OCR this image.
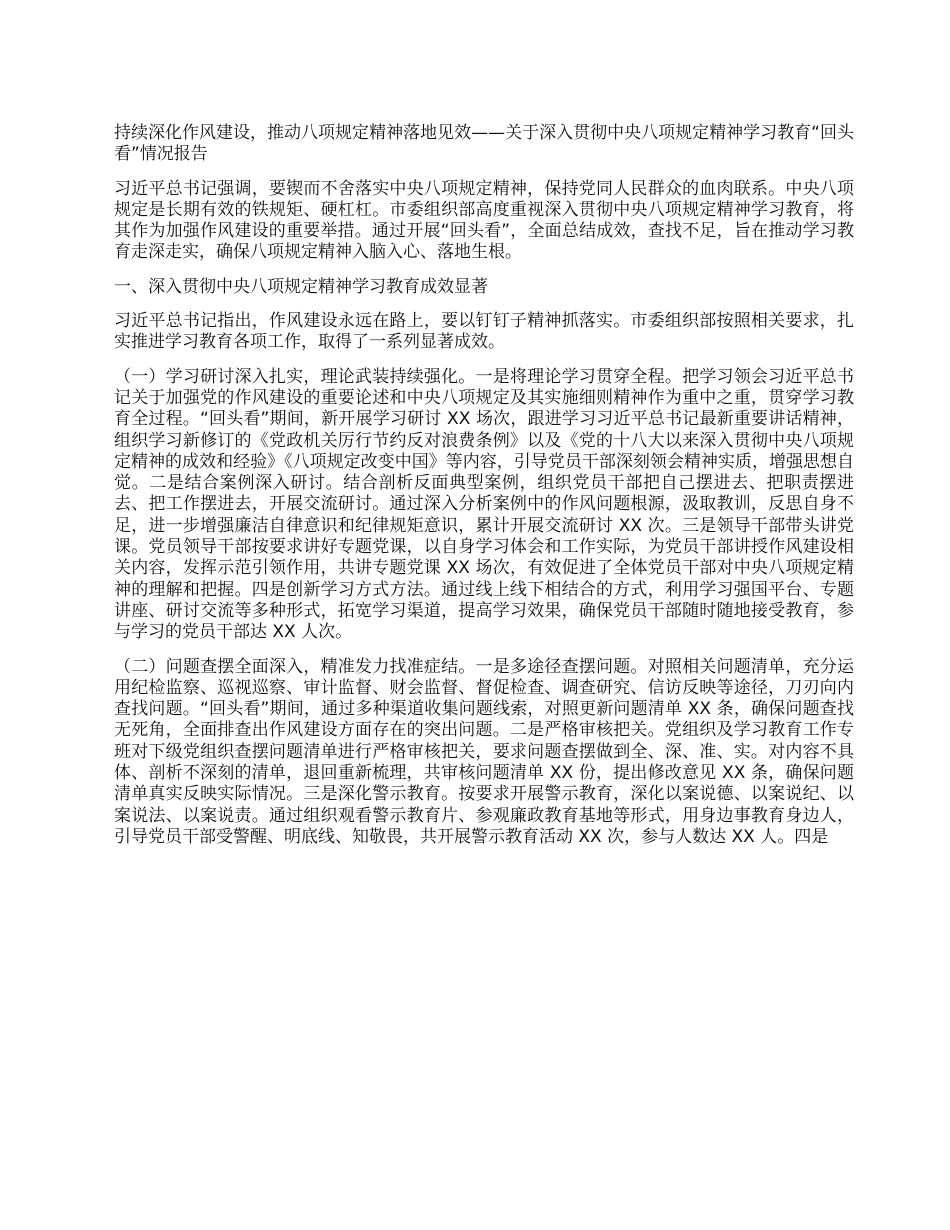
持续深化作风建设，推动八项规定精神落地见效——关于深入贯彻中央八项规定精神学习教育“回头看”情况报告

习近平总书记强调，要锲而不舍落实中央八项规定精神，保持党同人民群众的血肉联系。中央八项规定是长期有效的铁规矩、硬杠杠。市委组织部高度重视深入贯彻中央八项规定精神学习教育，将其作为加强作风建设的重要举措。通过开展“回头看”，全面总结成效，查找不足，旨在推动学习教育走深走实，确保八项规定精神入脑入心、落地生根。

一、深入贯彻中央八项规定精神学习教育成效显著

习近平总书记指出，作风建设永远在路上，要以钉钉子精神抓落实。市委组织部按照相关要求，扎实推进学习教育各项工作，取得了一系列显著成效。

（一）学习研讨深入扎实，理论武装持续强化。一是将理论学习贯穿全程。把学习领会习近平总书记关于加强党的作风建设的重要论述和中央八项规定及其实施细则精神作为重中之重，贯穿学习教育全过程。“回头看”期间，新开展学习研讨 XX 场次，跟进学习习近平总书记最新重要讲话精神，组织学习新修订的《党政机关厉行节约反对浪费条例》以及《党的十八大以来深入贯彻中央八项规定精神的成效和经验》《八项规定改变中国》等内容，引导党员干部深刻领会精神实质，增强思想自觉。二是结合案例深入研讨。结合剖析反面典型案例，组织党员干部把自己摆进去、把职责摆进去、把工作摆进去，开展交流研讨。通过深入分析案例中的作风问题根源，汲取教训，反思自身不足，进一步增强廉洁自律意识和纪律规矩意识，累计开展交流研讨 XX 次。三是领导干部带头讲党课。党员领导干部按要求讲好专题党课，以自身学习体会和工作实际，为党员干部讲授作风建设相关内容，发挥示范引领作用，共讲专题党课 XX 场次，有效促进了全体党员干部对中央八项规定精神的理解和把握。四是创新学习方式方法。通过线上线下相结合的方式，利用学习强国平台、专题讲座、研讨交流等多种形式，拓宽学习渠道，提高学习效果，确保党员干部随时随地接受教育，参与学习的党员干部达 XX 人次。

（二）问题查摆全面深入，精准发力找准症结。一是多途径查摆问题。对照相关问题清单，充分运用纪检监察、巡视巡察、审计监督、财会监督、督促检查、调查研究、信访反映等途径，刀刃向内查找问题。“回头看”期间，通过多种渠道收集问题线索，对照更新问题清单 XX 条，确保问题查找无死角，全面排查出作风建设方面存在的突出问题。二是严格审核把关。党组织及学习教育工作专班对下级党组织查摆问题清单进行严格审核把关，要求问题查摆做到全、深、准、实。对内容不具体、剖析不深刻的清单，退回重新梳理，共审核问题清单 XX 份，提出修改意见 XX 条，确保问题清单真实反映实际情况。三是深化警示教育。按要求开展警示教育，深化以案说德、以案说纪、以案说法、以案说责。通过组织观看警示教育片、参观廉政教育基地等形式，用身边事教育身边人，引导党员干部受警醒、明底线、知敬畏，共开展警示教育活动 XX 次，参与人数达 XX 人。四是
